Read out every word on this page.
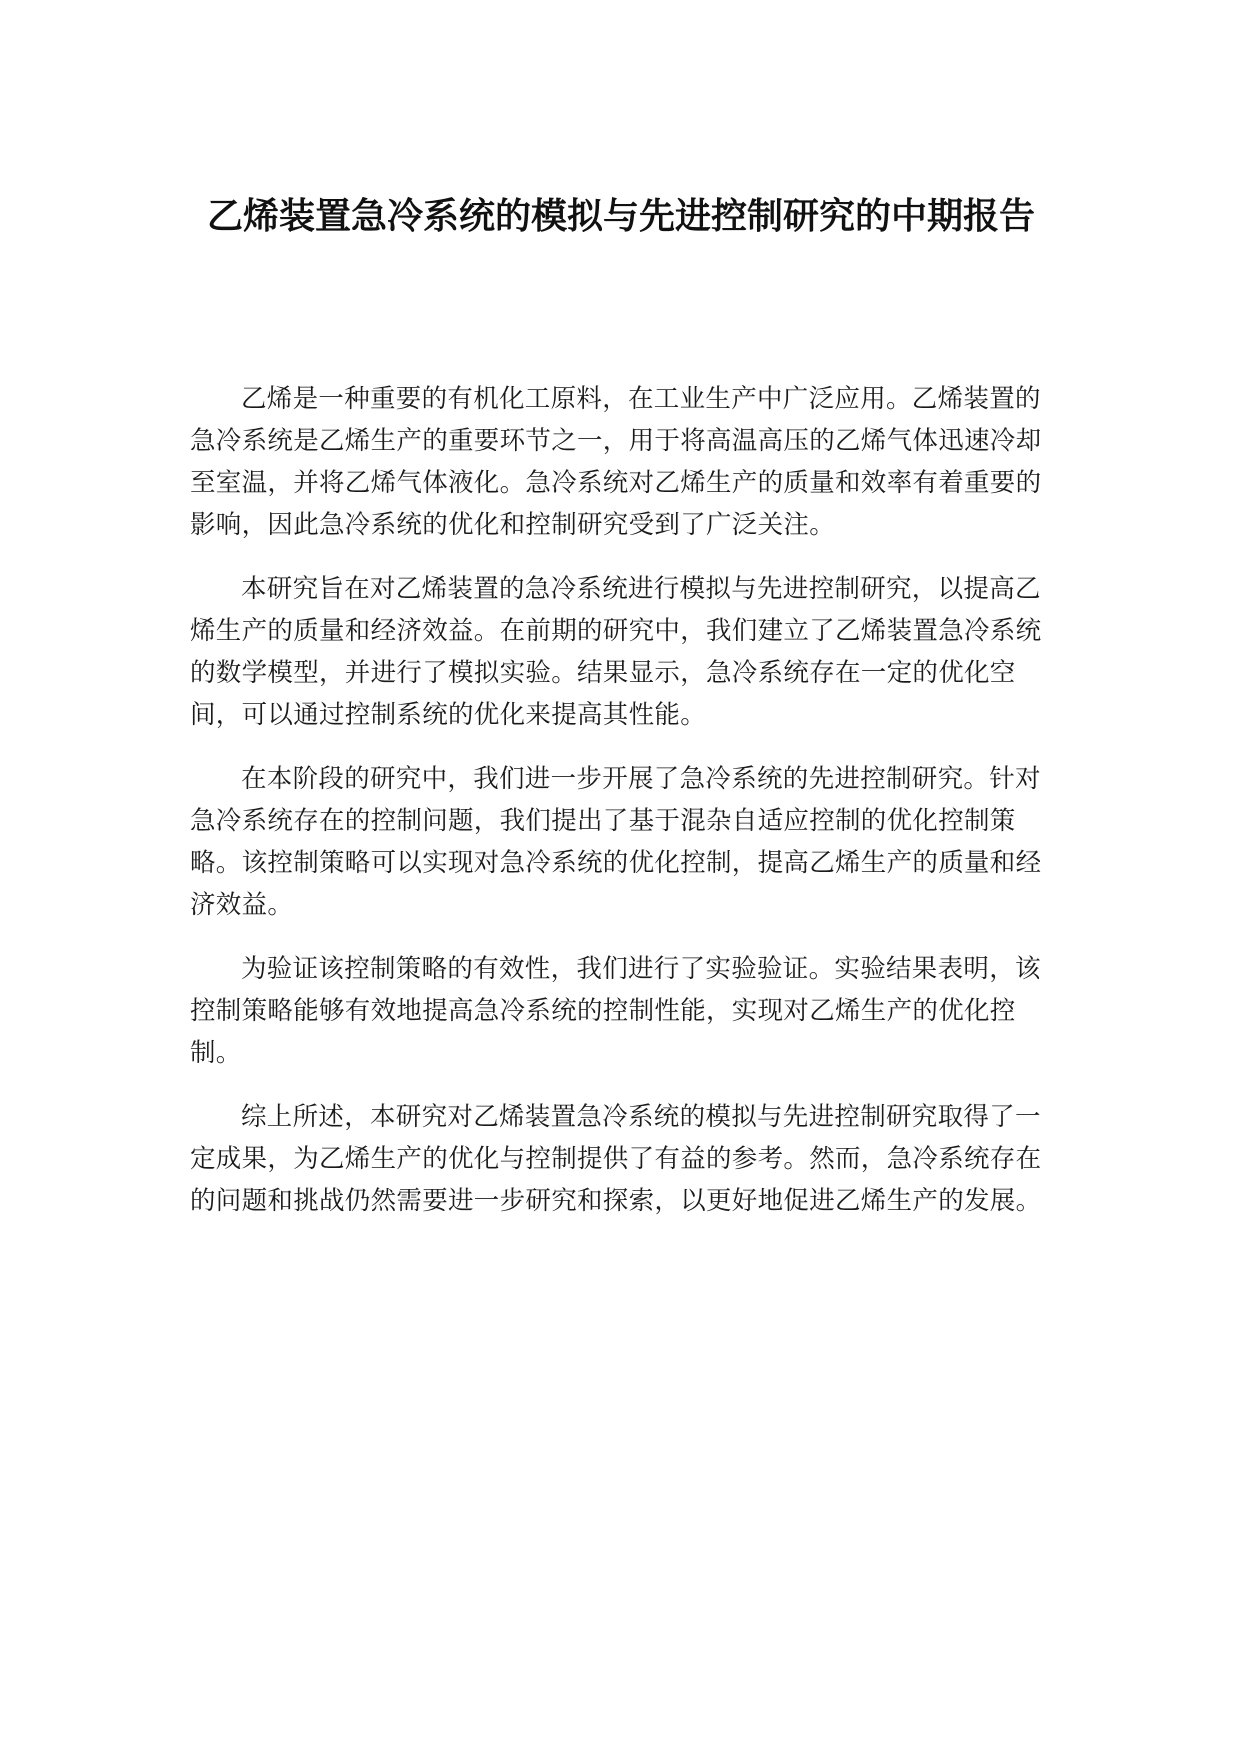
乙烯装置急冷系统的模拟与先进控制研究的中期报告

乙烯是一种重要的有机化工原料，在工业生产中广泛应用。乙烯装置的急冷系统是乙烯生产的重要环节之一，用于将高温高压的乙烯气体迅速冷却至室温，并将乙烯气体液化。急冷系统对乙烯生产的质量和效率有着重要的影响，因此急冷系统的优化和控制研究受到了广泛关注。

本研究旨在对乙烯装置的急冷系统进行模拟与先进控制研究，以提高乙烯生产的质量和经济效益。在前期的研究中，我们建立了乙烯装置急冷系统的数学模型，并进行了模拟实验。结果显示，急冷系统存在一定的优化空间，可以通过控制系统的优化来提高其性能。

在本阶段的研究中，我们进一步开展了急冷系统的先进控制研究。针对急冷系统存在的控制问题，我们提出了基于混杂自适应控制的优化控制策略。该控制策略可以实现对急冷系统的优化控制，提高乙烯生产的质量和经济效益。

为验证该控制策略的有效性，我们进行了实验验证。实验结果表明，该控制策略能够有效地提高急冷系统的控制性能，实现对乙烯生产的优化控制。

综上所述，本研究对乙烯装置急冷系统的模拟与先进控制研究取得了一定成果，为乙烯生产的优化与控制提供了有益的参考。然而，急冷系统存在的问题和挑战仍然需要进一步研究和探索，以更好地促进乙烯生产的发展。
